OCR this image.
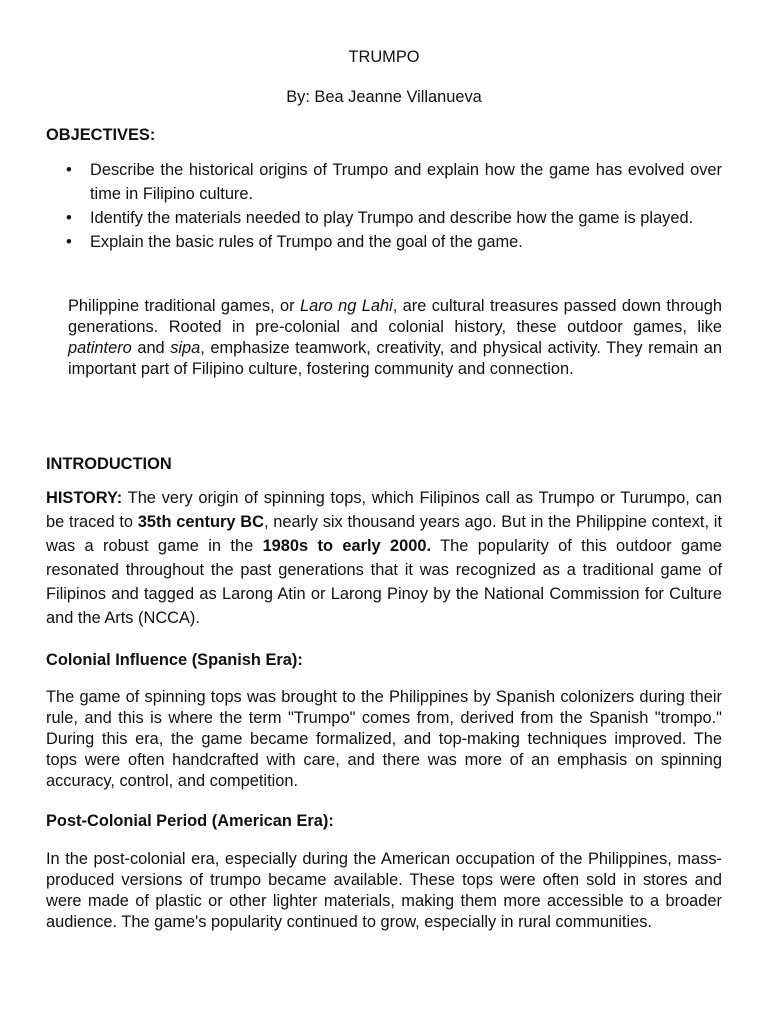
TRUMPO

By: Bea Jeanne Villanueva

OBJECTIVES:

• Describe the historical origins of Trumpo and explain how the game has evolved over time in Filipino culture.
• Identify the materials needed to play Trumpo and describe how the game is played.
• Explain the basic rules of Trumpo and the goal of the game.

Philippine traditional games, or Laro ng Lahi, are cultural treasures passed down through generations. Rooted in pre-colonial and colonial history, these outdoor games, like patintero and sipa, emphasize teamwork, creativity, and physical activity. They remain an important part of Filipino culture, fostering community and connection.

INTRODUCTION

HISTORY: The very origin of spinning tops, which Filipinos call as Trumpo or Turumpo, can be traced to 35th century BC, nearly six thousand years ago. But in the Philippine context, it was a robust game in the 1980s to early 2000. The popularity of this outdoor game resonated throughout the past generations that it was recognized as a traditional game of Filipinos and tagged as Larong Atin or Larong Pinoy by the National Commission for Culture and the Arts (NCCA).

Colonial Influence (Spanish Era):

The game of spinning tops was brought to the Philippines by Spanish colonizers during their rule, and this is where the term "Trumpo" comes from, derived from the Spanish "trompo." During this era, the game became formalized, and top-making techniques improved. The tops were often handcrafted with care, and there was more of an emphasis on spinning accuracy, control, and competition.

Post-Colonial Period (American Era):

In the post-colonial era, especially during the American occupation of the Philippines, mass-produced versions of trumpo became available. These tops were often sold in stores and were made of plastic or other lighter materials, making them more accessible to a broader audience. The game's popularity continued to grow, especially in rural communities.
